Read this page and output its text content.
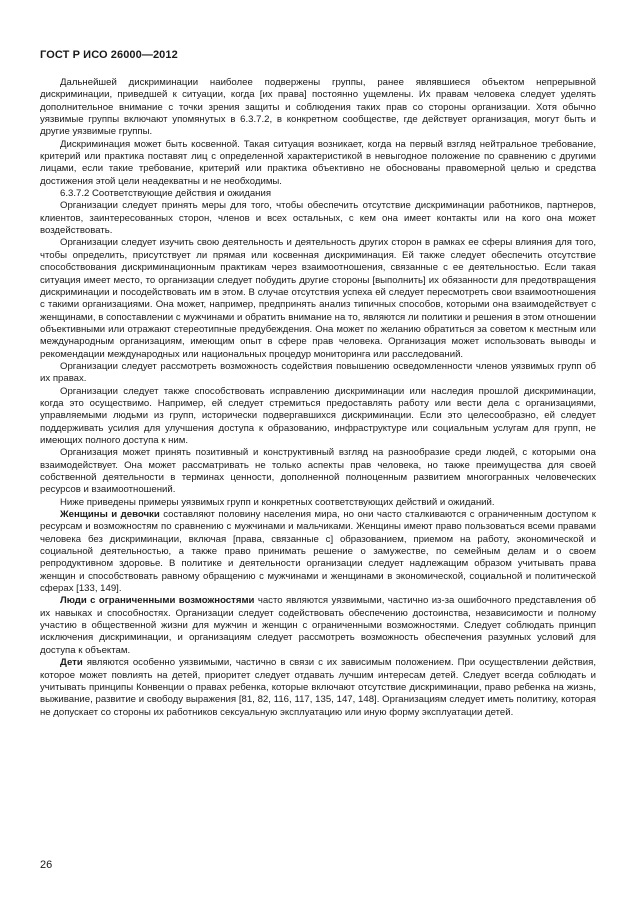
ГОСТ Р ИСО 26000—2012

Дальнейшей дискриминации наиболее подвержены группы, ранее являвшиеся объектом непрерывной дискриминации, приведшей к ситуации, когда [их права] постоянно ущемлены. Их правам человека следует уделять дополнительное внимание с точки зрения защиты и соблюдения таких прав со стороны организации. Хотя обычно уязвимые группы включают упомянутых в 6.3.7.2, в конкретном сообществе, где действует организация, могут быть и другие уязвимые группы.

Дискриминация может быть косвенной. Такая ситуация возникает, когда на первый взгляд нейтральное требование, критерий или практика поставят лиц с определенной характеристикой в невыгодное положение по сравнению с другими лицами, если такие требование, критерий или практика объективно не обоснованы правомерной целью и средства достижения этой цели неадекватны и не необходимы.

6.3.7.2 Соответствующие действия и ожидания

Организации следует принять меры для того, чтобы обеспечить отсутствие дискриминации работников, партнеров, клиентов, заинтересованных сторон, членов и всех остальных, с кем она имеет контакты или на кого она может воздействовать.

Организации следует изучить свою деятельность и деятельность других сторон в рамках ее сферы влияния для того, чтобы определить, присутствует ли прямая или косвенная дискриминация. Ей также следует обеспечить отсутствие способствования дискриминационным практикам через взаимоотношения, связанные с ее деятельностью. Если такая ситуация имеет место, то организации следует побудить другие стороны [выполнить] их обязанности для предотвращения дискриминации и посодействовать им в этом. В случае отсутствия успеха ей следует пересмотреть свои взаимоотношения с такими организациями. Она может, например, предпринять анализ типичных способов, которыми она взаимодействует с женщинами, в сопоставлении с мужчинами и обратить внимание на то, являются ли политики и решения в этом отношении объективными или отражают стереотипные предубеждения. Она может по желанию обратиться за советом к местным или международным организациям, имеющим опыт в сфере прав человека. Организация может использовать выводы и рекомендации международных или национальных процедур мониторинга или расследований.

Организации следует рассмотреть возможность содействия повышению осведомленности членов уязвимых групп об их правах.

Организации следует также способствовать исправлению дискриминации или наследия прошлой дискриминации, когда это осуществимо. Например, ей следует стремиться предоставлять работу или вести дела с организациями, управляемыми людьми из групп, исторически подвергавшихся дискриминации. Если это целесообразно, ей следует поддерживать усилия для улучшения доступа к образованию, инфраструктуре или социальным услугам для групп, не имеющих полного доступа к ним.

Организация может принять позитивный и конструктивный взгляд на разнообразие среди людей, с которыми она взаимодействует. Она может рассматривать не только аспекты прав человека, но также преимущества для своей собственной деятельности в терминах ценности, дополненной полноценным развитием многогранных человеческих ресурсов и взаимоотношений.

Ниже приведены примеры уязвимых групп и конкретных соответствующих действий и ожиданий.

Женщины и девочки составляют половину населения мира, но они часто сталкиваются с ограниченным доступом к ресурсам и возможностям по сравнению с мужчинами и мальчиками. Женщины имеют право пользоваться всеми правами человека без дискриминации, включая [права, связанные с] образованием, приемом на работу, экономической и социальной деятельностью, а также право принимать решение о замужестве, по семейным делам и о своем репродуктивном здоровье. В политике и деятельности организации следует надлежащим образом учитывать права женщин и способствовать равному обращению с мужчинами и женщинами в экономической, социальной и политической сферах [133, 149].

Люди с ограниченными возможностями часто являются уязвимыми, частично из-за ошибочного представления об их навыках и способностях. Организации следует содействовать обеспечению достоинства, независимости и полному участию в общественной жизни для мужчин и женщин с ограниченными возможностями. Следует соблюдать принцип исключения дискриминации, и организациям следует рассмотреть возможность обеспечения разумных условий для доступа к объектам.

Дети являются особенно уязвимыми, частично в связи с их зависимым положением. При осуществлении действия, которое может повлиять на детей, приоритет следует отдавать лучшим интересам детей. Следует всегда соблюдать и учитывать принципы Конвенции о правах ребенка, которые включают отсутствие дискриминации, право ребенка на жизнь, выживание, развитие и свободу выражения [81, 82, 116, 117, 135, 147, 148]. Организациям следует иметь политику, которая не допускает со стороны их работников сексуальную эксплуатацию или иную форму эксплуатации детей.

26
